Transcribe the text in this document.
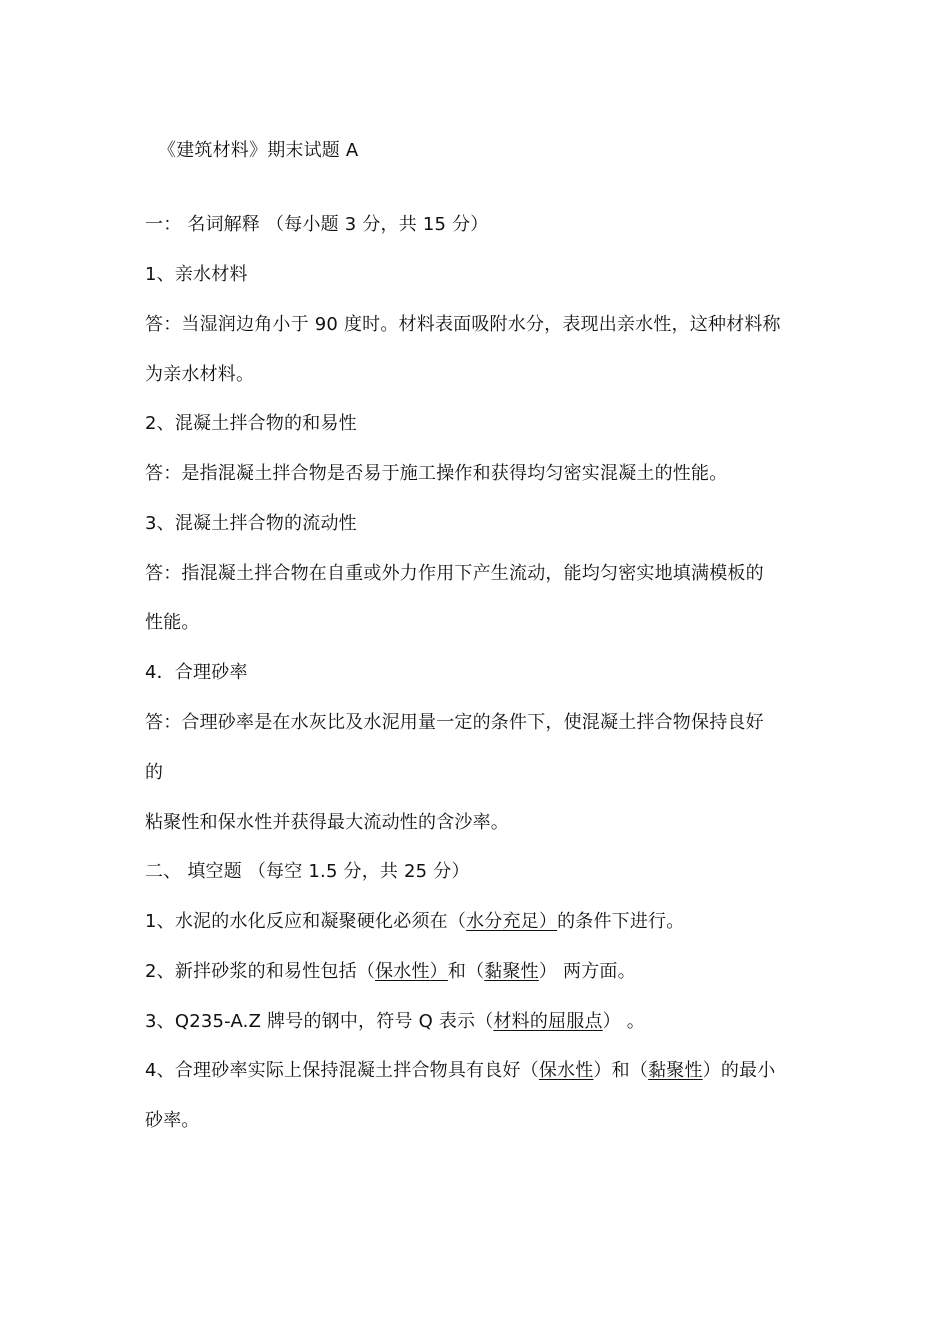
《建筑材料》期末试题 A
一： 名词解释 （每小题 3 分，共 15 分）
1、亲水材料
答：当湿润边角小于 90 度时。材料表面吸附水分，表现出亲水性，这种材料称
为亲水材料。
2、混凝土拌合物的和易性
答：是指混凝土拌合物是否易于施工操作和获得均匀密实混凝土的性能。
3、混凝土拌合物的流动性
答：指混凝土拌合物在自重或外力作用下产生流动，能均匀密实地填满模板的
性能。
4．合理砂率
答：合理砂率是在水灰比及水泥用量一定的条件下，使混凝土拌合物保持良好
的
粘聚性和保水性并获得最大流动性的含沙率。
二、 填空题 （每空 1.5 分，共 25 分）
1、水泥的水化反应和凝聚硬化必须在（水分充足）的条件下进行。
2、新拌砂浆的和易性包括（保水性）和（黏聚性） 两方面。
3、Q235-A.Z 牌号的钢中，符号 Q 表示（材料的屈服点） 。
4、合理砂率实际上保持混凝土拌合物具有良好（保水性）和（黏聚性）的最小
砂率。
